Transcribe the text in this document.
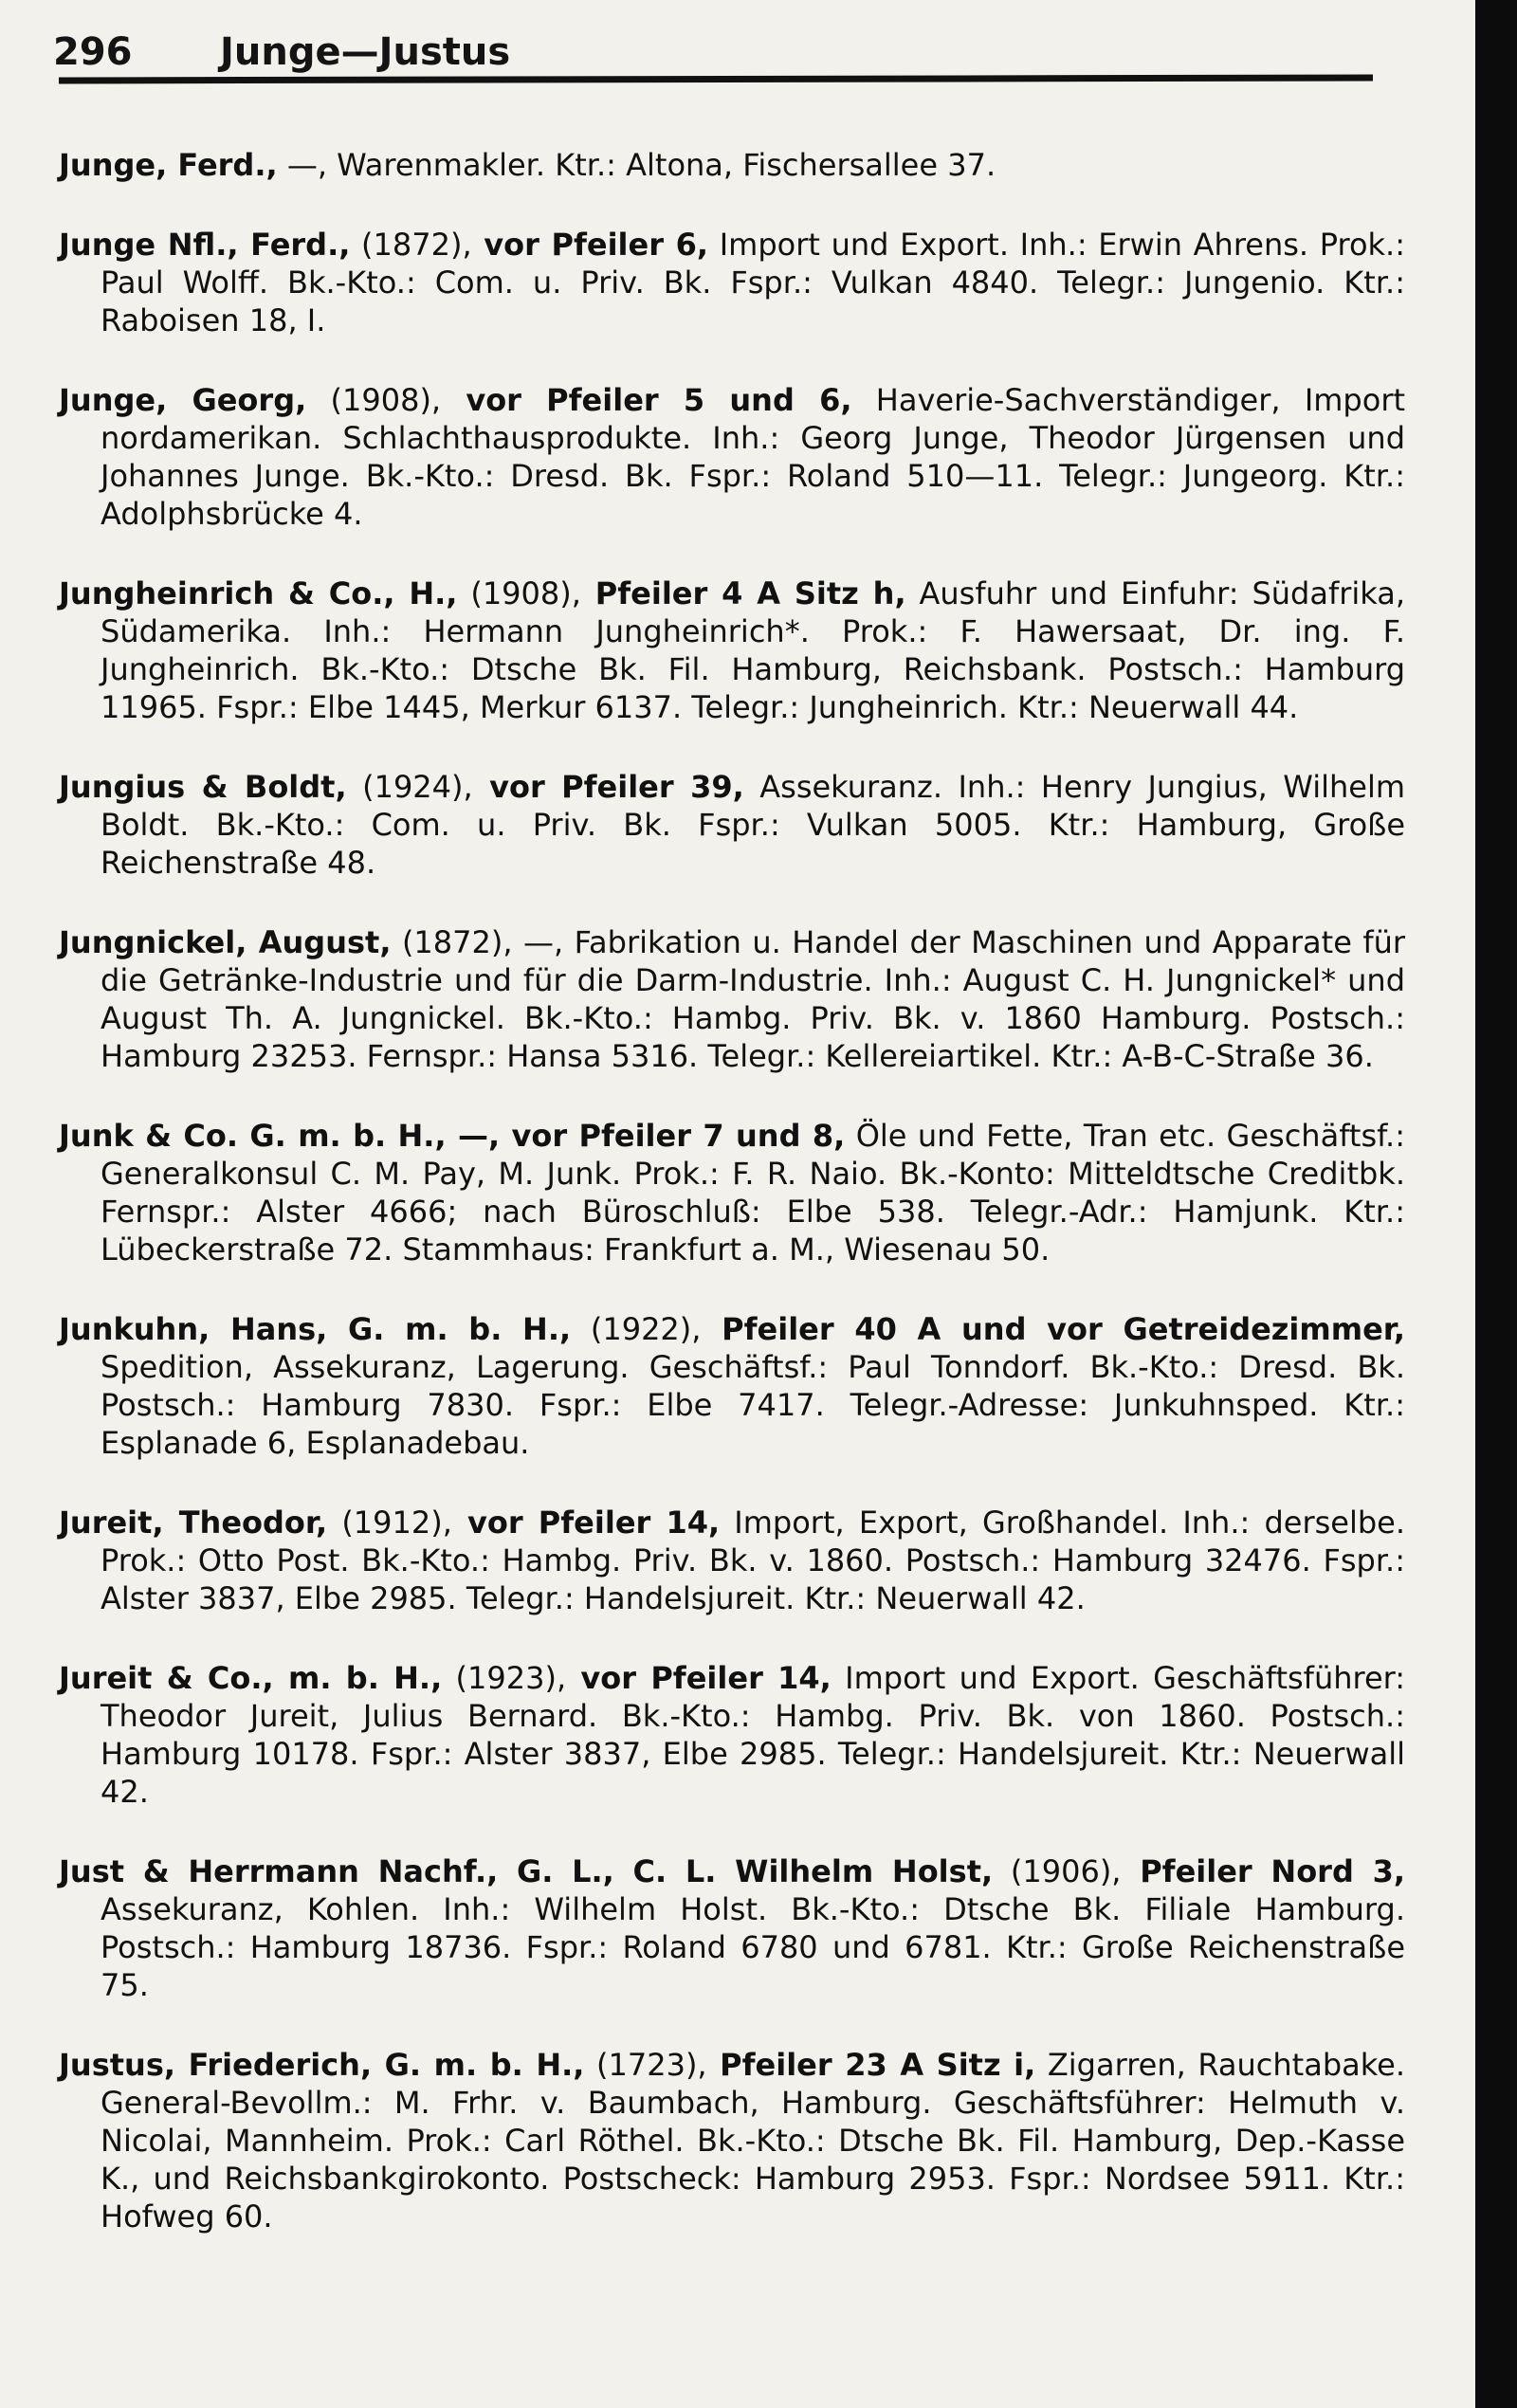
296 Junge—Justus

Junge, Ferd., —, Warenmakler. Ktr.: Altona, Fischersallee 37.

Junge Nfl., Ferd., (1872), vor Pfeiler 6, Import und Export. Inh.: Erwin Ahrens. Prok.: Paul Wolff. Bk.-Kto.: Com. u. Priv. Bk. Fspr.: Vulkan 4840. Telegr.: Jungenio. Ktr.: Raboisen 18, I.

Junge, Georg, (1908), vor Pfeiler 5 und 6, Haverie-Sachverständiger, Import nordamerikan. Schlachthausprodukte. Inh.: Georg Junge, Theodor Jürgensen und Johannes Junge. Bk.-Kto.: Dresd. Bk. Fspr.: Roland 510—11. Telegr.: Jungeorg. Ktr.: Adolphsbrücke 4.

Jungheinrich & Co., H., (1908), Pfeiler 4 A Sitz h, Ausfuhr und Einfuhr: Südafrika, Südamerika. Inh.: Hermann Jungheinrich*. Prok.: F. Hawersaat, Dr. ing. F. Jungheinrich. Bk.-Kto.: Dtsche Bk. Fil. Hamburg, Reichsbank. Postsch.: Hamburg 11965. Fspr.: Elbe 1445, Merkur 6137. Telegr.: Jungheinrich. Ktr.: Neuerwall 44.

Jungius & Boldt, (1924), vor Pfeiler 39, Assekuranz. Inh.: Henry Jungius, Wilhelm Boldt. Bk.-Kto.: Com. u. Priv. Bk. Fspr.: Vulkan 5005. Ktr.: Hamburg, Große Reichenstraße 48.

Jungnickel, August, (1872), —, Fabrikation u. Handel der Maschinen und Apparate für die Getränke-Industrie und für die Darm-Industrie. Inh.: August C. H. Jungnickel* und August Th. A. Jungnickel. Bk.-Kto.: Hambg. Priv. Bk. v. 1860 Hamburg. Postsch.: Hamburg 23253. Fernspr.: Hansa 5316. Telegr.: Kellereiartikel. Ktr.: A-B-C-Straße 36.

Junk & Co. G. m. b. H., —, vor Pfeiler 7 und 8, Öle und Fette, Tran etc. Geschäftsf.: Generalkonsul C. M. Pay, M. Junk. Prok.: F. R. Naio. Bk.-Konto: Mitteldtsche Creditbk. Fernspr.: Alster 4666; nach Büroschluß: Elbe 538. Telegr.-Adr.: Hamjunk. Ktr.: Lübeckerstraße 72. Stammhaus: Frankfurt a. M., Wiesenau 50.

Junkuhn, Hans, G. m. b. H., (1922), Pfeiler 40 A und vor Getreidezimmer, Spedition, Assekuranz, Lagerung. Geschäftsf.: Paul Tonndorf. Bk.-Kto.: Dresd. Bk. Postsch.: Hamburg 7830. Fspr.: Elbe 7417. Telegr.-Adresse: Junkuhnsped. Ktr.: Esplanade 6, Esplanadebau.

Jureit, Theodor, (1912), vor Pfeiler 14, Import, Export, Großhandel. Inh.: derselbe. Prok.: Otto Post. Bk.-Kto.: Hambg. Priv. Bk. v. 1860. Postsch.: Hamburg 32476. Fspr.: Alster 3837, Elbe 2985. Telegr.: Handelsjureit. Ktr.: Neuerwall 42.

Jureit & Co., m. b. H., (1923), vor Pfeiler 14, Import und Export. Geschäftsführer: Theodor Jureit, Julius Bernard. Bk.-Kto.: Hambg. Priv. Bk. von 1860. Postsch.: Hamburg 10178. Fspr.: Alster 3837, Elbe 2985. Telegr.: Handelsjureit. Ktr.: Neuerwall 42.

Just & Herrmann Nachf., G. L., C. L. Wilhelm Holst, (1906), Pfeiler Nord 3, Assekuranz, Kohlen. Inh.: Wilhelm Holst. Bk.-Kto.: Dtsche Bk. Filiale Hamburg. Postsch.: Hamburg 18736. Fspr.: Roland 6780 und 6781. Ktr.: Große Reichenstraße 75.

Justus, Friederich, G. m. b. H., (1723), Pfeiler 23 A Sitz i, Zigarren, Rauchtabake. General-Bevollm.: M. Frhr. v. Baumbach, Hamburg. Geschäftsführer: Helmuth v. Nicolai, Mannheim. Prok.: Carl Röthel. Bk.-Kto.: Dtsche Bk. Fil. Hamburg, Dep.-Kasse K., und Reichsbankgirokonto. Postscheck: Hamburg 2953. Fspr.: Nordsee 5911. Ktr.: Hofweg 60.
